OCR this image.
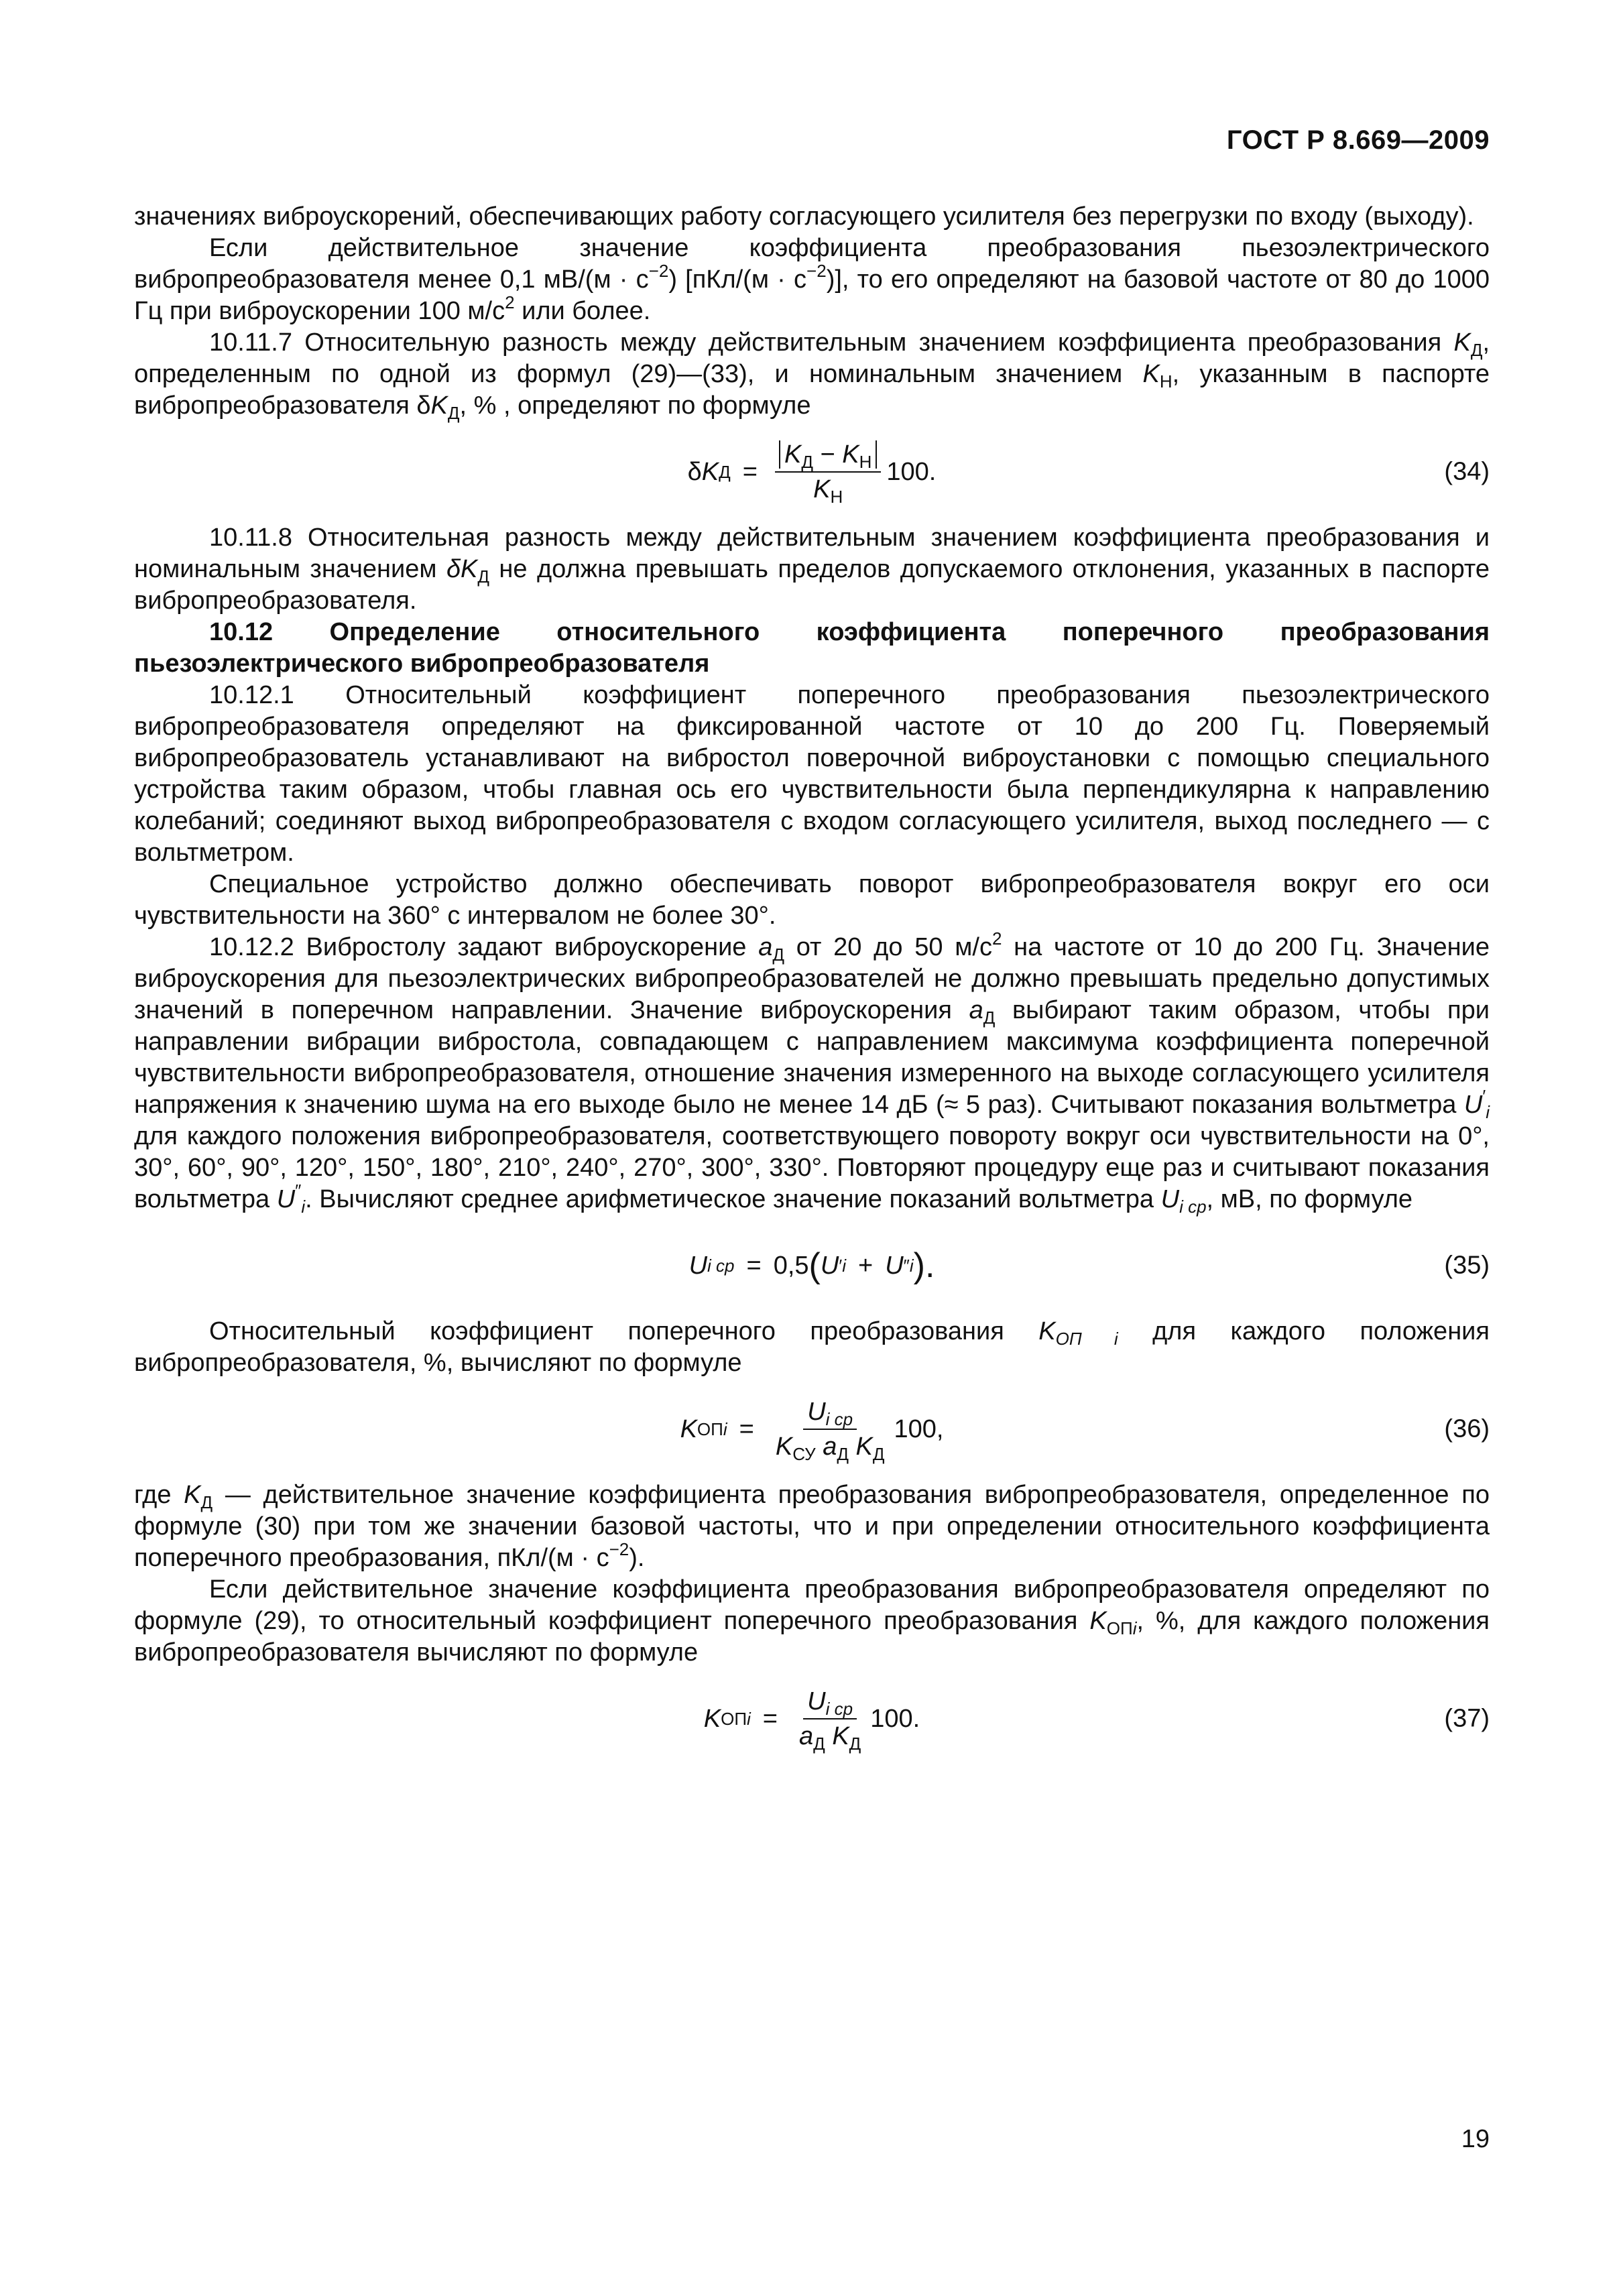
ГОСТ Р 8.669—2009

значениях виброускорений, обеспечивающих работу согласующего усилителя без перегрузки по входу (выходу).

Если действительное значение коэффициента преобразования пьезоэлектрического вибропреобразователя менее 0,1 $мВ/(м \cdot с^{-2})$ $[пКл/(м \cdot с^{-2})]$, то его определяют на базовой частоте от 80 до 1000 Гц при виброускорении 100 $м/с^2$ или более.

10.11.7 Относительную разность между действительным значением коэффициента преобразования $K_Д$, определенным по одной из формул (29)—(33), и номинальным значением $K_Н$, указанным в паспорте вибропреобразователя $\delta K_Д$, % , определяют по формуле

δ K $Д = \frac{K_Д - K_Н}{K_Н} 100$.	(34)

10.11.8 Относительная разность между действительным значением коэффициента преобразования и номинальным значением $\delta K_Д$ не должна превышать пределов допускаемого отклонения, указанных в паспорте вибропреобразователя.

10.12 Определение относительного коэффициента поперечного преобразования пьезоэлектрического вибропреобразователя

10.12.1 Относительный коэффициент поперечного преобразования пьезоэлектрического вибропреобразователя определяют на фиксированной частоте от 10 до 200 Гц. Поверяемый вибропреобразователь устанавливают на вибростол поверочной виброустановки с помощью специального устройства таким образом, чтобы главная ось его чувствительности была перпендикулярна к направлению колебаний; соединяют выход вибропреобразователя с входом согласующего усилителя, выход последнего — с вольтметром.

Специальное устройство должно обеспечивать поворот вибропреобразователя вокруг его оси чувствительности на 360° с интервалом не более 30°.

10.12.2 Вибростолу задают виброускорение $a_Д$ от 20 до 50 $м/с^2$ на частоте от 10 до 200 Гц. Значение виброускорения для пьезоэлектрических вибропреобразователей не должно превышать предельно допустимых значений в поперечном направлении. Значение виброускорения $a_Д$ выбирают таким образом, чтобы при направлении вибрации вибростола, совпадающем с направлением максимума коэффициента поперечной чувствительности вибропреобразователя, отношение значения измеренного на выходе согласующего усилителя напряжения к значению шума на его выходе было не менее 14 дБ (≈ 5 раз). Считывают показания вольтметра $U'_i$ для каждого положения вибропреобразователя, соответствующего повороту вокруг оси чувствительности на 0°, 30°, 60°, 90°, 120°, 150°, 180°, 210°, 240°, 270°, 300°, 330°. Повторяют процедуру еще раз и считывают показания вольтметра $U''_i$. Вычисляют среднее арифметическое значение показаний вольтметра $U_{i ср}$, мВ, по формуле

U i ср = 0,5 ( U ′ i + U ″ i ).	(35)

Относительный коэффициент поперечного преобразования $K_{ОП i}$ для каждого положения вибропреобразователя, %, вычисляют по формуле

K ОП $i = \frac{U_{i ср}}{K_{СУ} a_Д K_Д} 100$,	(36)

где $K_Д$ — действительное значение коэффициента преобразования вибропреобразователя, определенное по формуле (30) при том же значении базовой частоты, что и при определении относительного коэффициента поперечного преобразования, $пКл/(м \cdot с^{-2})$.

Если действительное значение коэффициента преобразования вибропреобразователя определяют по формуле (29), то относительный коэффициент поперечного преобразования $K_{ОПi}$, %, для каждого положения вибропреобразователя вычисляют по формуле

K ОП $i = \frac{U_{i ср}}{a_Д K_Д} 100$.	(37)
19
